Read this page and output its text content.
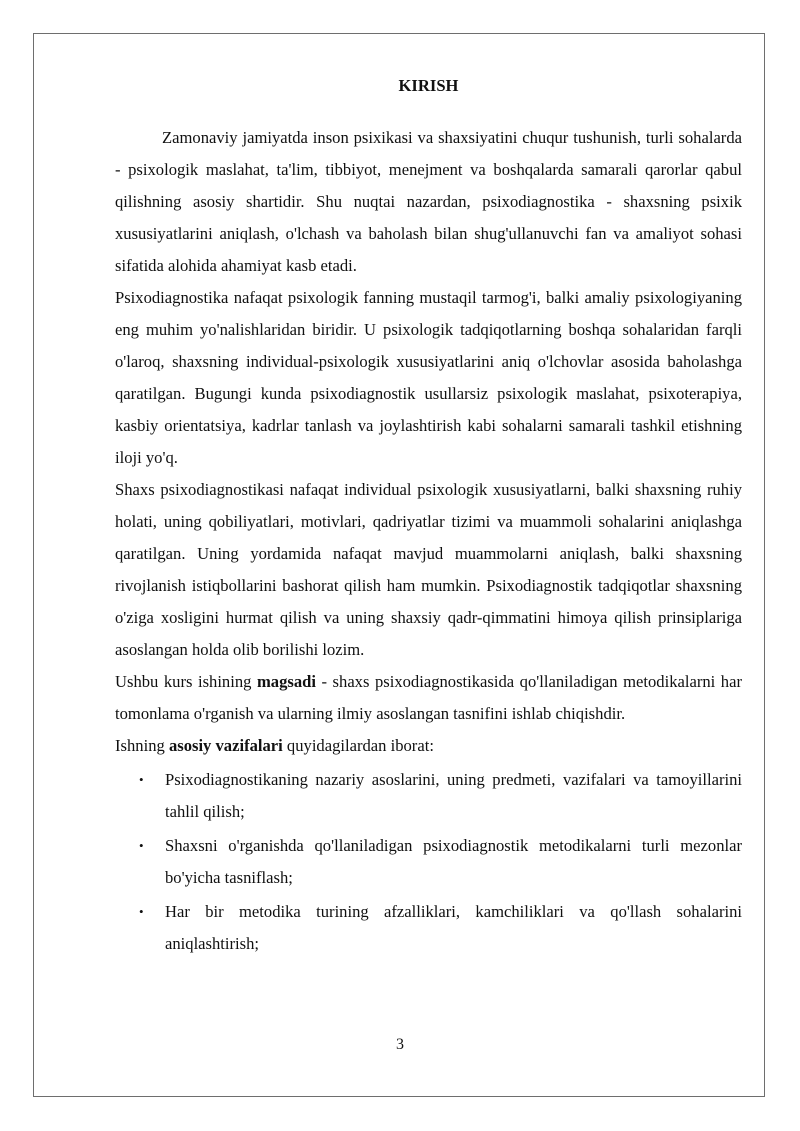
KIRISH

Zamonaviy jamiyatda inson psixikasi va shaxsiyatini chuqur tushunish, turli sohalarda - psixologik maslahat, ta'lim, tibbiyot, menejment va boshqalarda samarali qarorlar qabul qilishning asosiy shartidir. Shu nuqtai nazardan, psixodiagnostika - shaxsning psixik xususiyatlarini aniqlash, o'lchash va baholash bilan shug'ullanuvchi fan va amaliyot sohasi sifatida alohida ahamiyat kasb etadi.

Psixodiagnostika nafaqat psixologik fanning mustaqil tarmog'i, balki amaliy psixologiyaning eng muhim yo'nalishlaridan biridir. U psixologik tadqiqotlarning boshqa sohalaridan farqli o'laroq, shaxsning individual-psixologik xususiyatlarini aniq o'lchovlar asosida baholashga qaratilgan. Bugungi kunda psixodiagnostik usullarsiz psixologik maslahat, psixoterapiya, kasbiy orientatsiya, kadrlar tanlash va joylashtirish kabi sohalarni samarali tashkil etishning iloji yo'q.

Shaxs psixodiagnostikasi nafaqat individual psixologik xususiyatlarni, balki shaxsning ruhiy holati, uning qobiliyatlari, motivlari, qadriyatlar tizimi va muammoli sohalarini aniqlashga qaratilgan. Uning yordamida nafaqat mavjud muammolarni aniqlash, balki shaxsning rivojlanish istiqbollarini bashorat qilish ham mumkin. Psixodiagnostik tadqiqotlar shaxsning o'ziga xosligini hurmat qilish va uning shaxsiy qadr-qimmatini himoya qilish prinsiplariga asoslangan holda olib borilishi lozim.

Ushbu kurs ishining magsadi - shaxs psixodiagnostikasida qo'llaniladigan metodikalarni har tomonlama o'rganish va ularning ilmiy asoslangan tasnifini ishlab chiqishdir.

Ishning asosiy vazifalari quyidagilardan iborat:

• Psixodiagnostikaning nazariy asoslarini, uning predmeti, vazifalari va tamoyillarini tahlil qilish;
• Shaxsni o'rganishda qo'llaniladigan psixodiagnostik metodikalarni turli mezonlar bo'yicha tasniflash;
• Har bir metodika turining afzalliklari, kamchiliklari va qo'llash sohalarini aniqlashtirish;
3
